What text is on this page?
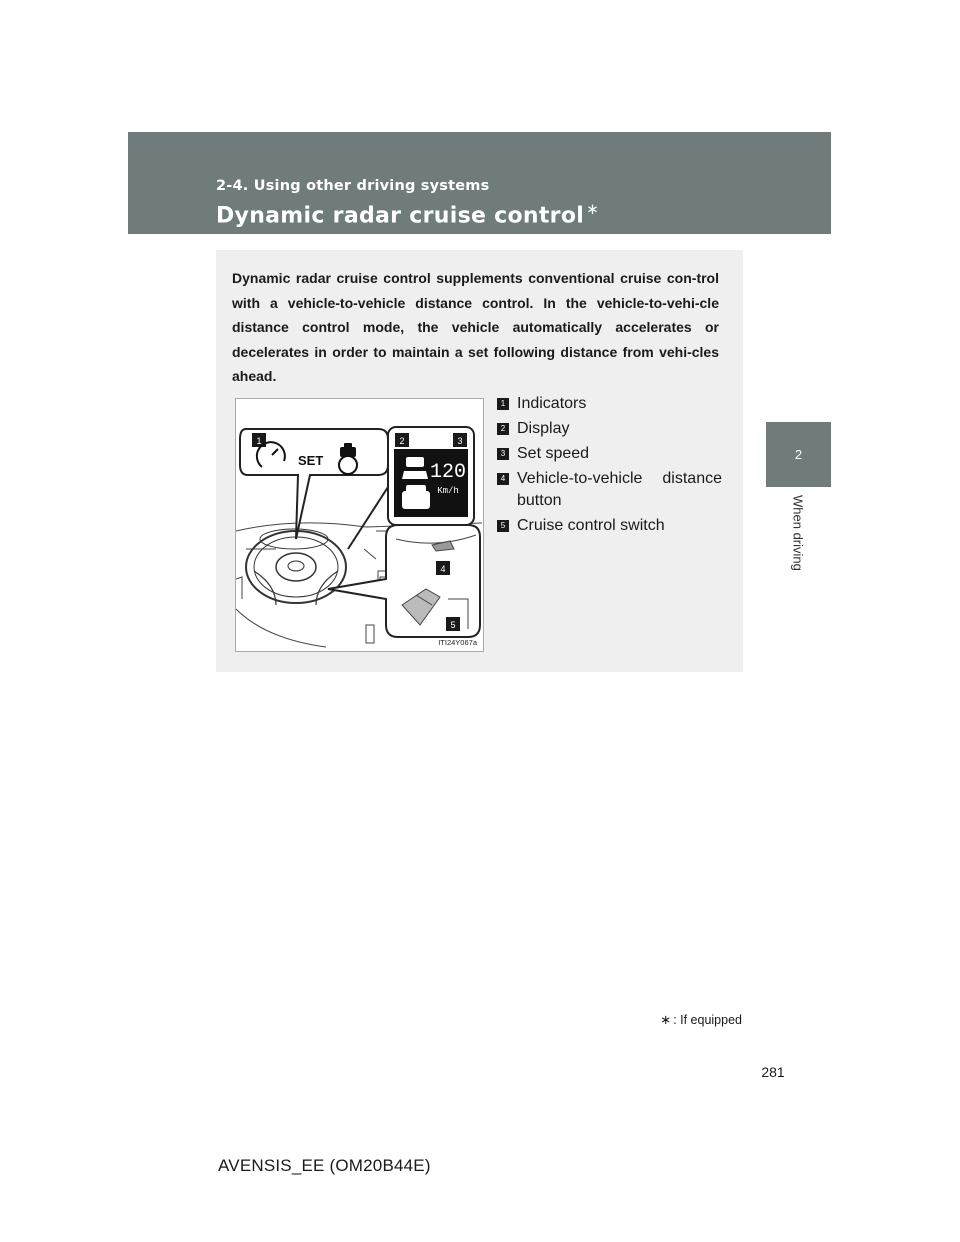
2-4. Using other driving systems
Dynamic radar cruise control ∗
2
When driving
Dynamic radar cruise control supplements conventional cruise con-trol with a vehicle-to-vehicle distance control. In the vehicle-to-vehi-cle distance control mode, the vehicle automatically accelerates or decelerates in order to maintain a set following distance from vehi-cles ahead.
1
SET
2	3
120
Km/h
4
5
ITI24Y067a
1 Indicators
2 Display
3 Set speed
4 Vehicle-to-vehicle distance button
5 Cruise control switch
∗ : If equipped
281
AVENSIS_EE (OM20B44E)
